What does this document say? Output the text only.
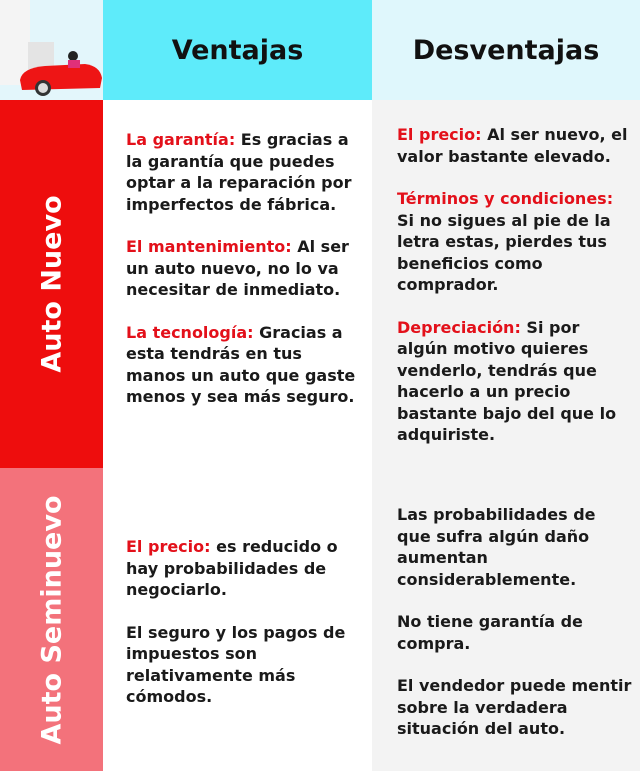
Ventajas	Desventajas
Auto Nuevo
Auto Seminuevo

La garantía: Es gracias a la garantía que puedes optar a la reparación por imperfectos de fábrica.

El mantenimiento: Al ser un auto nuevo, no lo va necesitar de inmediato.

La tecnología: Gracias a esta tendrás en tus manos un auto que gaste menos y sea más seguro.

El precio: Al ser nuevo, el valor bastante elevado.

Términos y condiciones: Si no sigues al pie de la letra estas, pierdes tus beneficios como comprador.

Depreciación: Si por algún motivo quieres venderlo, tendrás que hacerlo a un precio bastante bajo del que lo adquiriste.

El precio: es reducido o hay probabilidades de negociarlo.

El seguro y los pagos de impuestos son relativamente más cómodos.

Las probabilidades de que sufra algún daño aumentan considerablemente.

No tiene garantía de compra.

El vendedor puede mentir sobre la verdadera situación del auto.
